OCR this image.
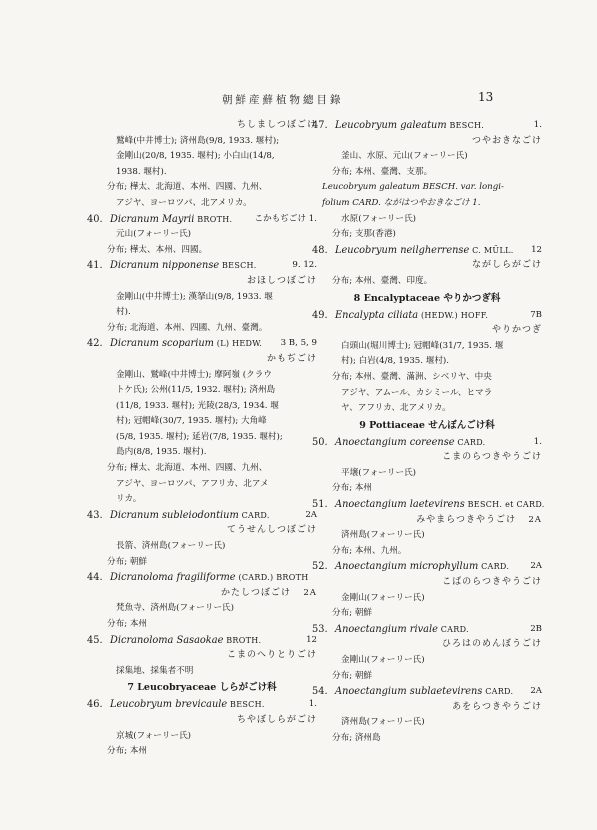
朝鮮産蘚植物總目錄	13
ちしましつぼごけ
鷲峰(中井博士); 済州島(9/8, 1933. 堰村);
金剛山(20/8, 1935. 堰村); 小白山(14/8,
1938. 堰村).
分布; 樺太、北海道、本州、四國、九州、
アジヤ、ヨーロツパ、北アメリカ。
40. Dicranum Mayrii BROTH.	こかもぢごけ 1.
元山(フォーリー氏)
分布; 樺太、本州、四國。
41. Dicranum nipponense BESCH.	9. 12.
おほしつぼごけ
金剛山(中井博士); 漢拏山(9/8, 1933. 堰
村).
分布; 北海道、本州、四國、九州、臺灣。
42. Dicranum scoparium (L) HEDW. 3 B, 5, 9
かもぢごけ
金剛山、鷲峰(中井博士); 摩阿嶺 (クラウ
トケ氏); 公州(11/5, 1932. 堰村); 済州島
(11/8, 1933. 堰村); 光陵(28/3, 1934. 堰
村); 冠帽峰(30/7, 1935. 堰村); 大角峰
(5/8, 1935. 堰村); 延岩(7/8, 1935. 堰村);
島内(8/8, 1935. 堰村).
分布; 樺太、北海道、本州、四國、九州、
アジヤ、ヨーロツパ、アフリカ、北アメ
リカ。
43. Dicranum subleiodontium CARD.	2A
てうせんしつぼごけ
長箭、済州島(フォーリー氏)
分布; 朝鮮
44. Dicranoloma fragiliforme (CARD.) BROTH
かたしつぼごけ 2A
梵魚寺、済州島(フォーリー氏)
分布; 本州
45. Dicranoloma Sasaokae BROTH.	12
こまのへりとりごけ
採集地、採集者不明
7 Leucobryaceae しらがごけ科
46. Leucobryum brevicaule BESCH.	1.
ちやぼしらがごけ
京城(フォーリー氏)
分布; 本州
47. Leucobryum galeatum BESCH.	1.
つやおきなごけ
釜山、水原、元山(フォーリー氏)
分布; 本州、臺灣、支那。
Leucobryum galeatum BESCH. var. longi-
folium CARD. ながはつやおきなごけ 1.
水原(フォーリー氏)
分布; 支那(香港)
48. Leucobryum neilgherrense C. MÜLL. 12
ながしらがごけ
分布; 本州、臺灣、印度。
8 Encalyptaceae やりかつぎ科
49. Encalypta ciliata (HEDW.) HOFF.	7B
やりかつぎ
白頭山(堀川博士); 冠帽峰(31/7, 1935. 堰
村); 白岩(4/8, 1935. 堰村).
分布; 本州、臺灣、滿洲、シベリヤ、中央
アジヤ、アムール、カシミール、ヒマラ
ヤ、アフリカ、北アメリカ。
9 Pottiaceae せんぼんごけ科
50. Anoectangium coreense CARD.	1.
こまのらつきやうごけ
平壌(フォーリー氏)
分布; 本州
51. Anoectangium laetevirens BESCH. et CARD.
みやまらつきやうごけ 2A
済州島(フォーリー氏)
分布; 本州、九州。
52. Anoectangium microphyllum CARD. 2A
こばのらつきやうごけ
金剛山(フォーリー氏)
分布; 朝鮮
53. Anoectangium rivale CARD.	2B
ひろはのめんぼうごけ
金剛山(フォーリー氏)
分布; 朝鮮
54. Anoectangium sublaetevirens CARD. 2A
あをらつきやうごけ
済州島(フォーリー氏)
分布; 済州島
